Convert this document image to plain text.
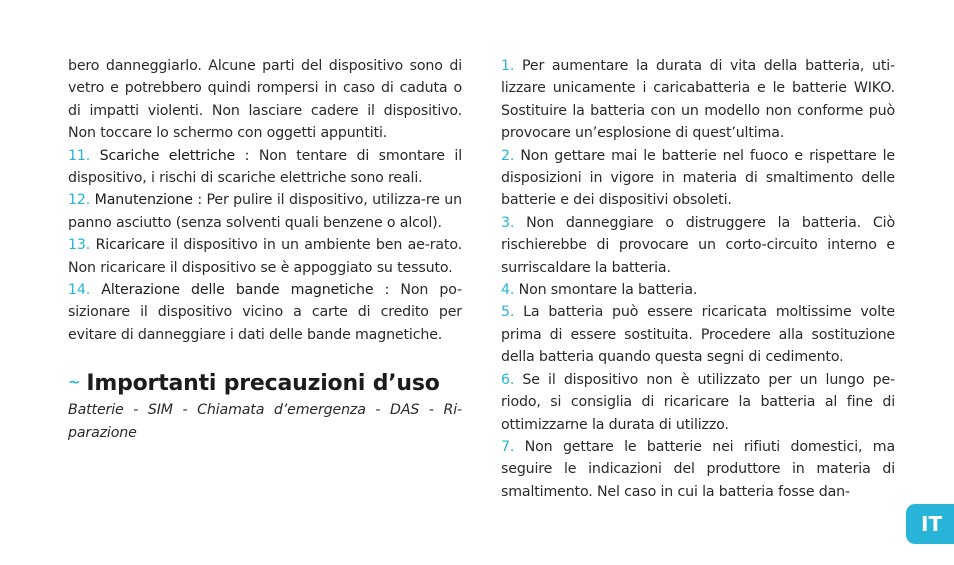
bero danneggiarlo. Alcune parti del dispositivo sono di vetro e potrebbero quindi rompersi in caso di caduta o di impatti violenti. Non lasciare cadere il dispositivo. Non toccare lo schermo con oggetti appuntiti.

11. Scariche elettriche : Non tentare di smontare il dispositivo, i rischi di scariche elettriche sono reali.

12. Manutenzione : Per pulire il dispositivo, utilizza-re un panno asciutto (senza solventi quali benzene o alcol).

13. Ricaricare il dispositivo in un ambiente ben ae-rato. Non ricaricare il dispositivo se è appoggiato su tessuto.

14. Alterazione delle bande magnetiche : Non po-sizionare il dispositivo vicino a carte di credito per evitare di danneggiare i dati delle bande magnetiche.

~ Importanti precauzioni d’uso

Batterie - SIM - Chiamata d’emergenza - DAS - Ri-parazione

1. Per aumentare la durata di vita della batteria, uti-lizzare unicamente i caricabatteria e le batterie WIKO. Sostituire la batteria con un modello non conforme può provocare un’esplosione di quest’ultima.

2. Non gettare mai le batterie nel fuoco e rispettare le disposizioni in vigore in materia di smaltimento delle batterie e dei dispositivi obsoleti.

3. Non danneggiare o distruggere la batteria. Ciò rischierebbe di provocare un corto-circuito interno e surriscaldare la batteria.

4. Non smontare la batteria.

5. La batteria può essere ricaricata moltissime volte prima di essere sostituita. Procedere alla sostituzione della batteria quando questa segni di cedimento.

6. Se il dispositivo non è utilizzato per un lungo pe-riodo, si consiglia di ricaricare la batteria al fine di ottimizzarne la durata di utilizzo.

7. Non gettare le batterie nei rifiuti domestici, ma seguire le indicazioni del produttore in materia di smaltimento. Nel caso in cui la batteria fosse dan-

IT
